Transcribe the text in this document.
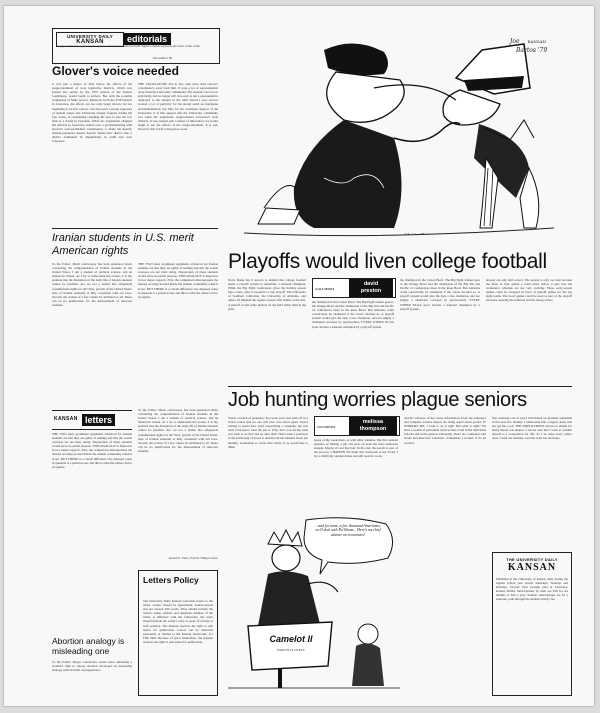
UNIVERSITY DAILY
KANSAN	editorials
Unsigned editorials represent the opinion of the Kansan editorial staff. Signed columns represent the views of the writer.
November 30
Glover's voice needed
It was just a matter of time before the effects of the reapportionment of state legislative districts, which was passed last spring by the 1979 session of the Kansas Legislature, would begin to surface. But with the possible resignation of Mike Glover, Democrat from the 45th District in Lawrence, the effects are not only being shown, but are beginning to be felt. Glover, who has been a strong supporter of student issues and University budget requests during his four terms, is considering resigning his seat to join the law firm of a friend in Freedom. When the Legislature changed the districts in Lawrence, mixed over a gerrymandering with Glover's well-established constituency, it made his heavily student-populated district heavily Democratic district into a district dominated by Republicans in south and west Lawrence.
THE LEGISLATURE did, in fact, take more than Glover's constituency away from him. It took a lot of representation away from the University community. The student vote is now split badly, and no longer will it be easy to put a representative dedicated to the student in the 44th district's seat. Glover created a lot of publicity for his strong stand on marijuana decriminalization, but little for his consistent support of the University. It is that support that the University community lost when the Legislature reapportioned Lawrence's state districts. It was, indeed, just a matter of time before we would begin to see the effects of the reapportionment. It is sad, however, that it had to happen so soon.
Iranian students in U.S. merit American rights
To the Editor: Much controversy has been generated lately concerning the comprehension of Iranian students in the United States. I am a student of political science, and an American citizen. As I try to understand the events, it is my position that the disruption of the daily life of Iranian students cannot be justified. Are we not a nation that safeguards constitutional rights for all? First, growth of the United States' base of Iranian nationals is fully consistent with our laws. Second, the actions of a few cannot be attributed to all. There can be no justification for the mistreatment of innocent students.
THE TWO most prominent arguments advanced for Iranian students are that they are guilty of nothing and that the events overseas are not their doing. Deportation of these students would serve no useful purpose. THIS ANALOGY is imprecise in two major respects. First, the comparison misrepresents the disease as being located inside the student community when it is not. BUT THERE is a crucial difference: the diseased cause in question is a political one, and this is what the editors fail to recognize.
KANSAN letters
THE TWO most prominent arguments advanced for Iranian students are that they are guilty of nothing and that the events overseas are not their doing. Deportation of these students would serve no useful purpose. THIS ANALOGY is imprecise in two major respects. First, the comparison misrepresents the disease as being located inside the student community when it is not. BUT THERE is a crucial difference: the diseased cause in question is a political one, and this is what the editors fail to recognize.
To the Editor: Much controversy has been generated lately concerning the comprehension of Iranian students in the United States. I am a student of political science, and an American citizen. As I try to understand the events, it is my position that the disruption of the daily life of Iranian students cannot be justified. Are we not a nation that safeguards constitutional rights for all? First, growth of the United States' base of Iranian nationals is fully consistent with our laws. Second, the actions of a few cannot be attributed to all. There can be no justification for the mistreatment of innocent students.
David D. Jones, Prairie Village senior
Abortion analogy is misleading one
To the Editor: Maryo Garcalous's recent letter defending a woman's right to choose abortion developed an interesting analogy with all kinds of pregnancies.
Letters Policy
The University Daily Kansan welcomes letters to the editor. Letters should be typewritten, double-spaced and not exceed 300 words. They should include the writer's name, address and telephone number. If the writer is affiliated with the University, the letter should include the writer's class or years of faculty or staff position. The Kansan reserves the right to edit letters for publication. Letters can be delivered personally or mailed to the Kansan newsroom, 111 Flint Hall. Because of space limitations, the Kansan reserves the right to edit letters for publication.
... 26, 27, 28 ...
Joe KANSAN
Bartos '79
Playoffs would liven college football
Notre Dame has it known to alumni that college football needs a playoff system to determine a national champion. While the Big Eight Conference gives the holiday season fans a taste, what is needed is a true playoff. The University of Southern California, the University of Alabama, and others all finished the regular season with claims to the title. A playoff would settle matters on the field rather than in the polls.
GOLF-MIDST
david
preston
the champion in the Cotton Bowl. The Big Eight winner goes to the Orange Bowl and the champions of the Big Ten and Pacific 10 conferences meet in the Rose Bowl. But Alabama could conceivably be champion if the voters decided so. A playoff system would give the fans a true champion, and not simply a champion crowned by sportswriters. EVERY OTHER NCAA sport decides a national champion by a playoff system.
the champion in the Cotton Bowl. The Big Eight winner goes to the Orange Bowl and the champions of the Big Ten and Pacific 10 conferences meet in the Rose Bowl. But Alabama could conceivably be champion if the voters decided so. A playoff system would give the fans a true champion, and not simply a champion crowned by sportswriters. EVERY OTHER NCAA sport decides a national champion by a playoff system.
already are only half correct. The season is only too long because the three or four games a team plays before it gets into the conference schedule are not very exciting. These early-season games could be scrapped in favor of playoff games for the top eight teams. The bowl games could be used as part of the playoff structure, keeping the tradition and the money intact.
Job hunting worries plague seniors
You're a bunch of jackasses. You work your rear-ends off in a trivial course that no one will ever care about again. You're willing to spend four years researching a company, but you don't even know what the job is. Why don't you decide what you want to do first and go after that? That's what a professor at the University of Texas at Austin told his students about job hunting. Graduation is closer than many of us would like to think.
COLUMNIST
melissa
thompson
hours of the week there, as with other students. But the constant pressure of finding a job can wear on even the most dedicated student. Maybe it's not that bad. In the end, the search is part of the process. I HAPPEN TO think that classwork is not trivial. I try to fulfill my student duties and still look for work.
and the rollovers of the career information. Even the engineers and computer science majors are being asked about grades. IT WORRIES ME. I want to do it right. But what is right? We have a wealth of placement services here, both in the individual schools and in the general University. There are counselors and books and interview schedules. Sometimes I wonder if it's all worth it.
four semesters out of every 100 mailed we graduate sometime in the next few months. I understand that a degree alone will not get me a job. THE EMPLOYMENT picture is dismal for many liberal arts majors. I am not sure that I want to commit myself to a corporation for life. So I do what every senior does: I send out résumés, read the want ads and hope.
...and for more, a few thousand Americans, we'll deal with Pa'Jibran... Here's my chief adviser on economics!
Camelot II
WATCH CLOSELY
THE UNIVERSITY DAILY
KANSAN
Published at the University of Kansas daily during the regular school year except Saturdays, Sundays and holidays. Second class postage paid at Lawrence, Kansas 66044. Subscriptions by mail are $18 for six months or $30 a year. Student subscriptions are $1 a semester, paid through the student activity fee.
